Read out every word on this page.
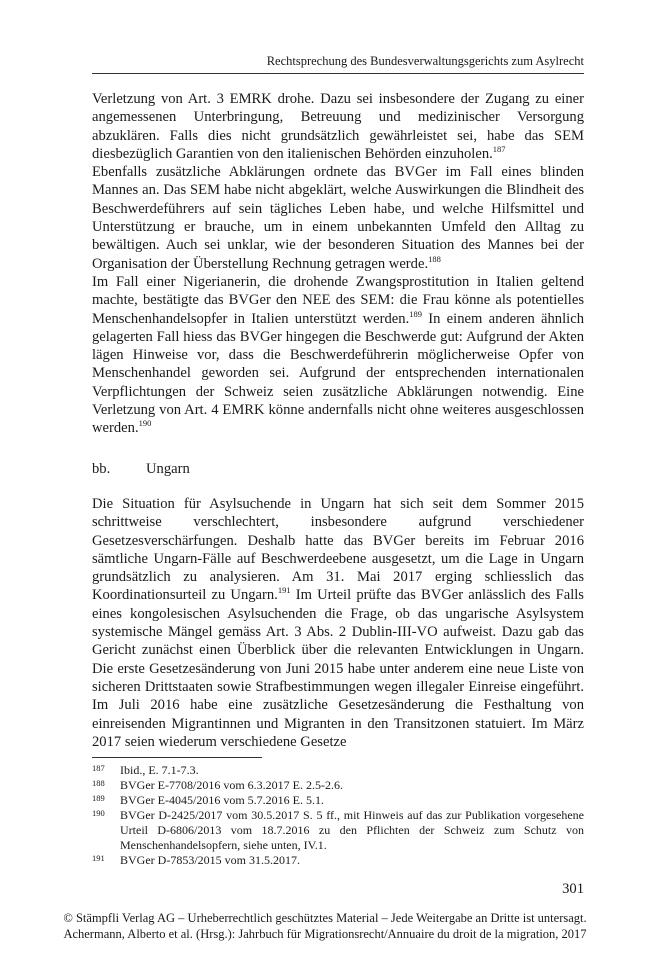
Rechtsprechung des Bundesverwaltungsgerichts zum Asylrecht

Verletzung von Art. 3 EMRK drohe. Dazu sei insbesondere der Zugang zu einer angemessenen Unterbringung, Betreuung und medizinischer Versorgung abzuklären. Falls dies nicht grundsätzlich gewährleistet sei, habe das SEM diesbezüglich Garantien von den italienischen Behörden einzuholen.$^{187}$

Ebenfalls zusätzliche Abklärungen ordnete das BVGer im Fall eines blinden Mannes an. Das SEM habe nicht abgeklärt, welche Auswirkungen die Blindheit des Beschwerdeführers auf sein tägliches Leben habe, und welche Hilfsmittel und Unterstützung er brauche, um in einem unbekannten Umfeld den Alltag zu bewältigen. Auch sei unklar, wie der besonderen Situation des Mannes bei der Organisation der Überstellung Rechnung getragen werde.$^{188}$

Im Fall einer Nigerianerin, die drohende Zwangsprostitution in Italien geltend machte, bestätigte das BVGer den NEE des SEM: die Frau könne als potentielles Menschenhandelsopfer in Italien unterstützt werden.$^{189}$ In einem anderen ähnlich gelagerten Fall hiess das BVGer hingegen die Beschwerde gut: Aufgrund der Akten lägen Hinweise vor, dass die Beschwerdeführerin möglicherweise Opfer von Menschenhandel geworden sei. Aufgrund der entsprechenden internationalen Verpflichtungen der Schweiz seien zusätzliche Abklärungen notwendig. Eine Verletzung von Art. 4 EMRK könne andernfalls nicht ohne weiteres ausgeschlossen werden.$^{190}$

bb.	Ungarn

Die Situation für Asylsuchende in Ungarn hat sich seit dem Sommer 2015 schrittweise verschlechtert, insbesondere aufgrund verschiedener Gesetzesverschärfungen. Deshalb hatte das BVGer bereits im Februar 2016 sämtliche Ungarn-Fälle auf Beschwerdeebene ausgesetzt, um die Lage in Ungarn grundsätzlich zu analysieren. Am 31. Mai 2017 erging schliesslich das Koordinationsurteil zu Ungarn.$^{191}$ Im Urteil prüfte das BVGer anlässlich des Falls eines kongolesischen Asylsuchenden die Frage, ob das ungarische Asylsystem systemische Mängel gemäss Art. 3 Abs. 2 Dublin-III-VO aufweist. Dazu gab das Gericht zunächst einen Überblick über die relevanten Entwicklungen in Ungarn. Die erste Gesetzesänderung von Juni 2015 habe unter anderem eine neue Liste von sicheren Drittstaaten sowie Strafbestimmungen wegen illegaler Einreise eingeführt. Im Juli 2016 habe eine zusätzliche Gesetzesänderung die Festhaltung von einreisenden Migrantinnen und Migranten in den Transitzonen statuiert. Im März 2017 seien wiederum verschiedene Gesetze

187	Ibid., E. 7.1-7.3.
188	BVGer E-7708/2016 vom 6.3.2017 E. 2.5-2.6.
189	BVGer E-4045/2016 vom 5.7.2016 E. 5.1.
190	BVGer D-2425/2017 vom 30.5.2017 S. 5 ff., mit Hinweis auf das zur Publikation vorgesehene Urteil D-6806/2013 vom 18.7.2016 zu den Pflichten der Schweiz zum Schutz von Menschenhandelsopfern, siehe unten, IV.1.
191	BVGer D-7853/2015 vom 31.5.2017.
301
© Stämpfli Verlag AG – Urheberrechtlich geschütztes Material – Jede Weitergabe an Dritte ist untersagt.
Achermann, Alberto et al. (Hrsg.): Jahrbuch für Migrationsrecht/Annuaire du droit de la migration, 2017
